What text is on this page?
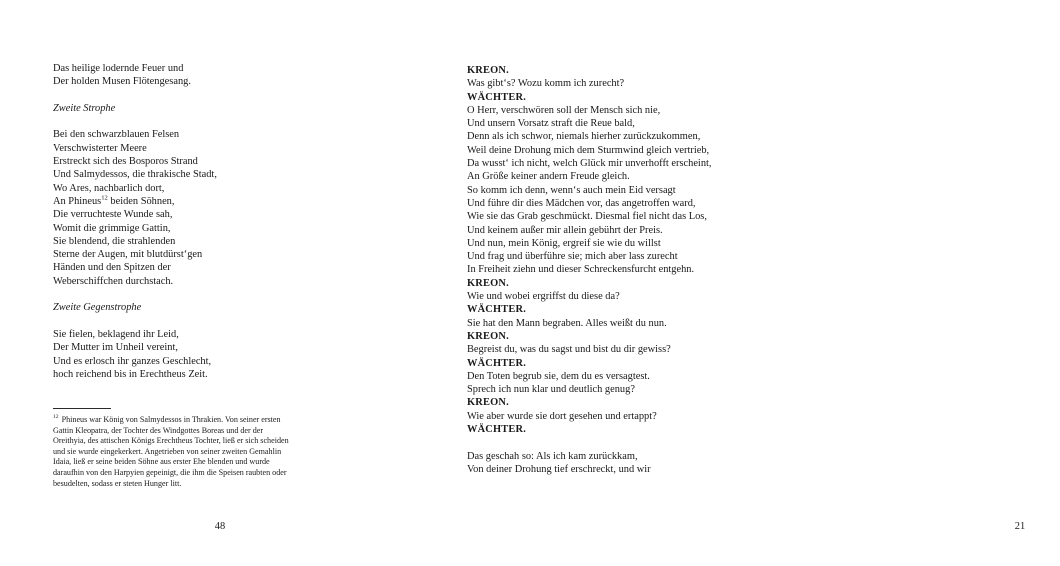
Das heilige lodernde Feuer und
Der holden Musen Flötengesang.

Zweite Strophe

Bei den schwarzblauen Felsen
Verschwisterter Meere
Erstreckt sich des Bosporos Strand
Und Salmydessos, die thrakische Stadt,
Wo Ares, nachbarlich dort,
An Phineus$^{12}$ beiden Söhnen,
Die verruchteste Wunde sah,
Womit die grimmige Gattin,
Sie blendend, die strahlenden
Sterne der Augen, mit blutdürst‘gen
Händen und den Spitzen der
Weberschiffchen durchstach.

Zweite Gegenstrophe

Sie fielen, beklagend ihr Leid,
Der Mutter im Unheil vereint,
Und es erlosch ihr ganzes Geschlecht,
hoch reichend bis in Erechtheus Zeit.
$^{12}$ Phineus war König von Salmydessos in Thrakien. Von seiner ersten
Gattin Kleopatra, der Tochter des Windgottes Boreas und der der
Oreithyia, des attischen Königs Erechtheus Tochter, ließ er sich scheiden
und sie wurde eingekerkert. Angetrieben von seiner zweiten Gemahlin
Idaia, ließ er seine beiden Söhne aus erster Ehe blenden und wurde
daraufhin von den Harpyien gepeinigt, die ihm die Speisen raubten oder
besudelten, sodass er steten Hunger litt.
48
KREON.
Was gibt‘s? Wozu komm ich zurecht?
WÄCHTER.
O Herr, verschwören soll der Mensch sich nie,
Und unsern Vorsatz straft die Reue bald,
Denn als ich schwor, niemals hierher zurückzukommen,
Weil deine Drohung mich dem Sturmwind gleich vertrieb,
Da wusst‘ ich nicht, welch Glück mir unverhofft erscheint,
An Größe keiner andern Freude gleich.
So komm ich denn, wenn‘s auch mein Eid versagt
Und führe dir dies Mädchen vor, das angetroffen ward,
Wie sie das Grab geschmückt. Diesmal fiel nicht das Los,
Und keinem außer mir allein gebührt der Preis.
Und nun, mein König, ergreif sie wie du willst
Und frag und überführe sie; mich aber lass zurecht
In Freiheit ziehn und dieser Schreckensfurcht entgehn.
KREON.
Wie und wobei ergriffst du diese da?
WÄCHTER.
Sie hat den Mann begraben. Alles weißt du nun.
KREON.
Begreist du, was du sagst und bist du dir gewiss?
WÄCHTER.
Den Toten begrub sie, dem du es versagtest.
Sprech ich nun klar und deutlich genug?
KREON.
Wie aber wurde sie dort gesehen und ertappt?
WÄCHTER.

Das geschah so: Als ich kam zurückkam,
Von deiner Drohung tief erschreckt, und wir
21
